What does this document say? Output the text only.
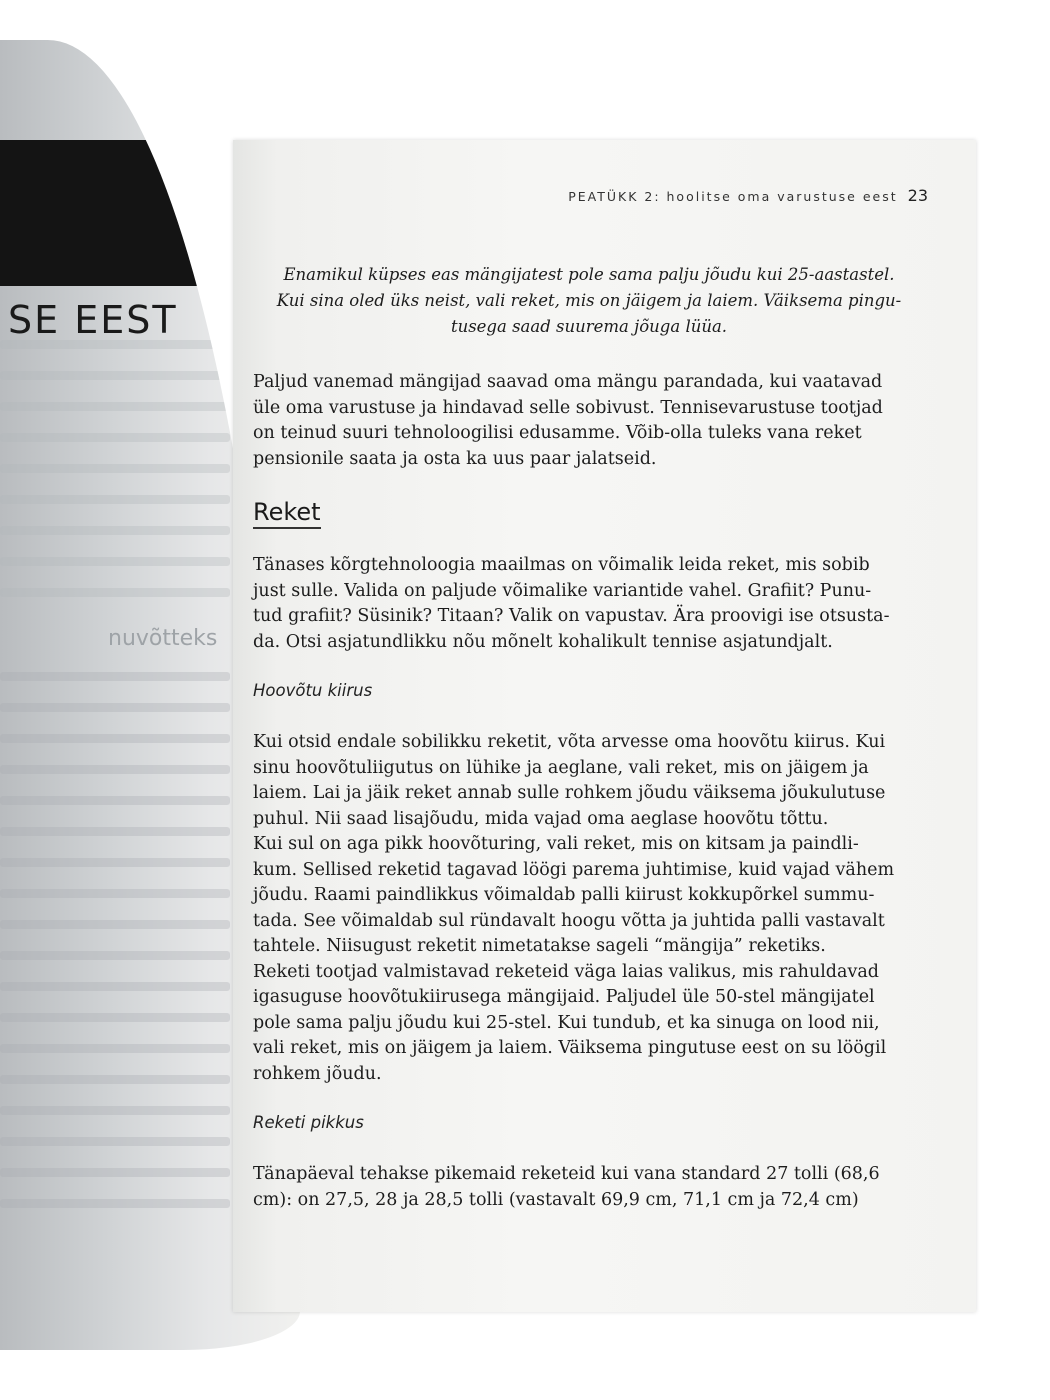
SE EEST
nuvõtteks
PEATÜKK 2: hoolitse oma varustuse eest 23
Enamikul küpses eas mängijatest pole sama palju jõudu kui 25-aastastel.
Kui sina oled üks neist, vali reket, mis on jäigem ja laiem. Väiksema pingu-
tusega saad suurema jõuga lüüa.
Paljud vanemad mängijad saavad oma mängu parandada, kui vaatavad
üle oma varustuse ja hindavad selle sobivust. Tennisevarustuse tootjad
on teinud suuri tehnoloogilisi edusamme. Võib-olla tuleks vana reket
pensionile saata ja osta ka uus paar jalatseid.
Reket
Tänases kõrgtehnoloogia maailmas on võimalik leida reket, mis sobib
just sulle. Valida on paljude võimalike variantide vahel. Grafiit? Punu-
tud grafiit? Süsinik? Titaan? Valik on vapustav. Ära proovigi ise otsusta-
da. Otsi asjatundlikku nõu mõnelt kohalikult tennise asjatundjalt.
Hoovõtu kiirus
Kui otsid endale sobilikku reketit, võta arvesse oma hoovõtu kiirus. Kui
sinu hoovõtuliigutus on lühike ja aeglane, vali reket, mis on jäigem ja
laiem. Lai ja jäik reket annab sulle rohkem jõudu väiksema jõukulutuse
puhul. Nii saad lisajõudu, mida vajad oma aeglase hoovõtu tõttu.
Kui sul on aga pikk hoovõturing, vali reket, mis on kitsam ja paindli-
kum. Sellised reketid tagavad löögi parema juhtimise, kuid vajad vähem
jõudu. Raami paindlikkus võimaldab palli kiirust kokkupõrkel summu-
tada. See võimaldab sul ründavalt hoogu võtta ja juhtida palli vastavalt
tahtele. Niisugust reketit nimetatakse sageli “mängija” reketiks.
Reketi tootjad valmistavad reketeid väga laias valikus, mis rahuldavad
igasuguse hoovõtukiirusega mängijaid. Paljudel üle 50-stel mängijatel
pole sama palju jõudu kui 25-stel. Kui tundub, et ka sinuga on lood nii,
vali reket, mis on jäigem ja laiem. Väiksema pingutuse eest on su löögil
rohkem jõudu.
Reketi pikkus
Tänapäeval tehakse pikemaid reketeid kui vana standard 27 tolli (68,6
cm): on 27,5, 28 ja 28,5 tolli (vastavalt 69,9 cm, 71,1 cm ja 72,4 cm)
